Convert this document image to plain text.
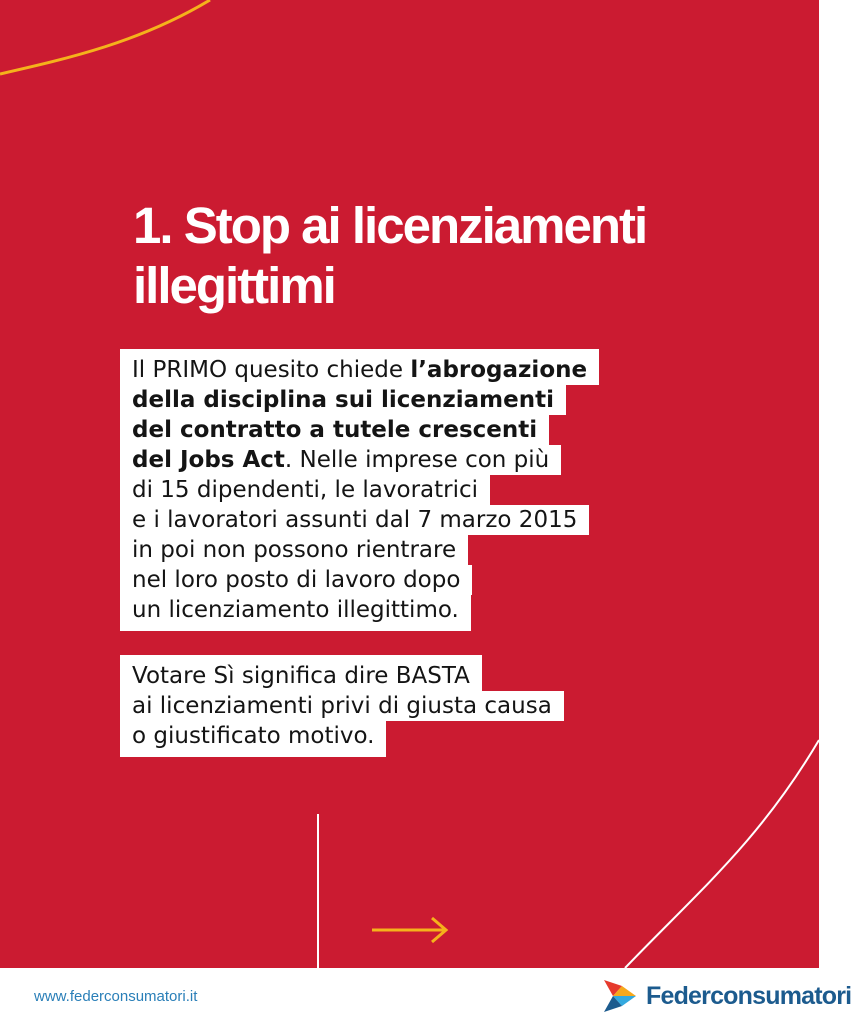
1. Stop ai licenziamenti
illegittimi
Il PRIMO quesito chiede l’abrogazione
della disciplina sui licenziamenti
del contratto a tutele crescenti
del Jobs Act. Nelle imprese con più
di 15 dipendenti, le lavoratrici
e i lavoratori assunti dal 7 marzo 2015
in poi non possono rientrare
nel loro posto di lavoro dopo
un licenziamento illegittimo.
Votare Sì significa dire BASTA
ai licenziamenti privi di giusta causa
o giustificato motivo.
www.federconsumatori.it	Federconsumatori
